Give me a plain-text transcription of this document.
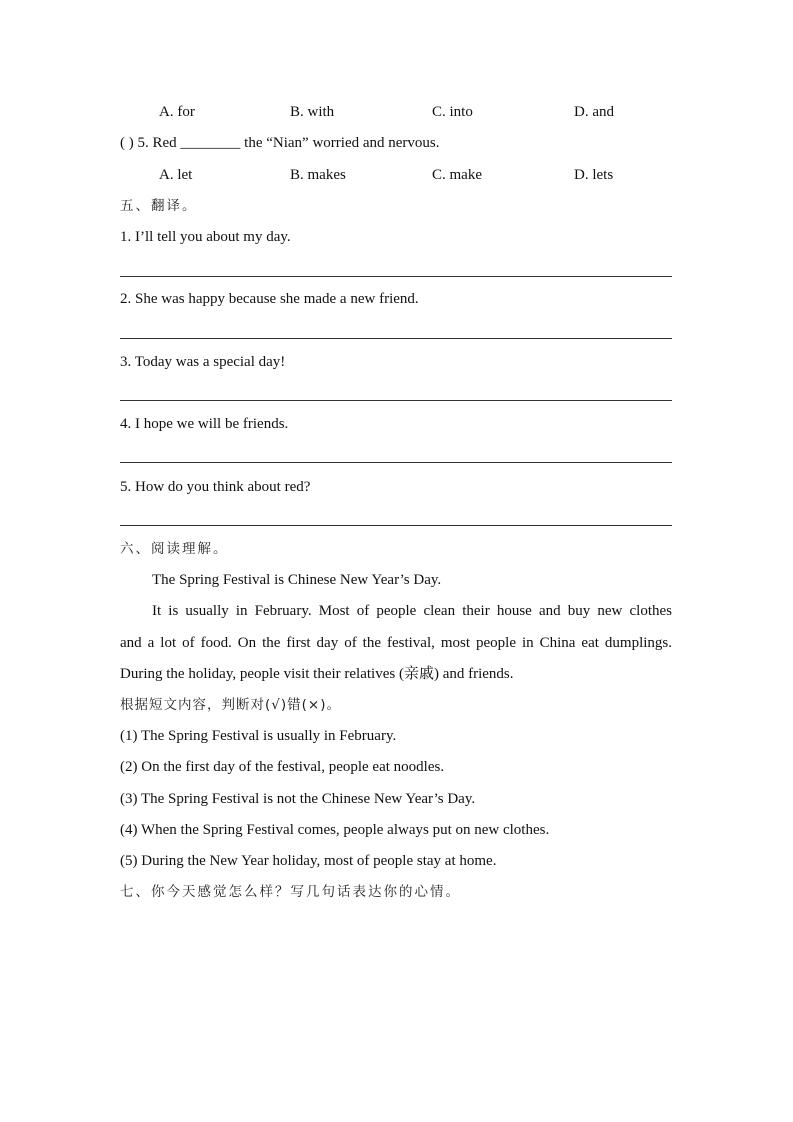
A. for	B. with	C. into	D. and
( ) 5. Red ________ the “Nian” worried and nervous.
A. let	B. makes	C. make	D. lets
五、翻译。
1. I’ll tell you about my day.
2. She was happy because she made a new friend.
3. Today was a special day!
4. I hope we will be friends.
5. How do you think about red?
六、阅读理解。
The Spring Festival is Chinese New Year’s Day.
It is usually in February. Most of people clean their house and buy new clothes
and a lot of food. On the first day of the festival, most people in China eat dumplings.
During the holiday, people visit their relatives (亲戚) and friends.
根据短文内容，判断对(√)错(×)。
(1) The Spring Festival is usually in February.
(2) On the first day of the festival, people eat noodles.
(3) The Spring Festival is not the Chinese New Year’s Day.
(4) When the Spring Festival comes, people always put on new clothes.
(5) During the New Year holiday, most of people stay at home.
七、你今天感觉怎么样？写几句话表达你的心情。
